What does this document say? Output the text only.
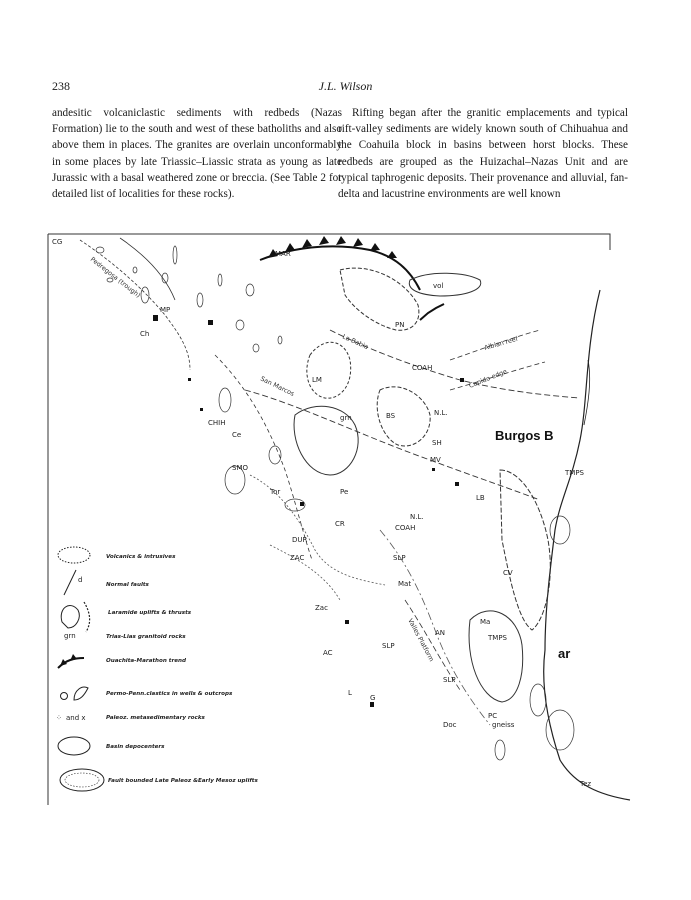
238	J.L. Wilson

andesitic volcaniclastic sediments with redbeds (Nazas Formation) lie to the south and west of these batholiths and also above them in places. The granites are overlain unconformably in some places by late Triassic–Liassic strata as young as late Jurassic with a basal weathered zone or breccia. (See Table 2 for detailed list of localities for these rocks).

Rifting began after the granitic emplacements and typical rift-valley sediments are widely known south of Chihuahua and the Coahuila block in basins between horst blocks. These redbeds are grouped as the Huizachal–Nazas Unit and are typical taphrogenic deposits. Their provenance and alluvial, fan-delta and lacustrine environments are well known

Pedregosa (trough)
La Babia
San Marcos
Albian reef
Cupido edge
Valles Platform
CG
MAR
vol
PN
COAH
LM
CHIH
Ce
SMO
Tor	Pe
DUR
ZAC
CR	COAH
N.L.
N.L.
SH
BS
MV
LB
SLP
SLP
SLP
Mat
Ma
CV
AN
AC
Zac
TMPS
TMPS
Doc
Tez
PC
gneiss
MP
Ch
grn
L
G
Burgos B
ar
Volcanics & intrusives
d
Normal faults
Laramide uplifts & thrusts
grn	Trias-Lias granitoid rocks
Ouachita-Marathon trend
Permo-Penn.clastics in wells & outcrops
⁘ and x	Paleoz. metasedimentary rocks
Basin depocenters
Fault bounded Late Paleoz &Early Mesoz uplifts
